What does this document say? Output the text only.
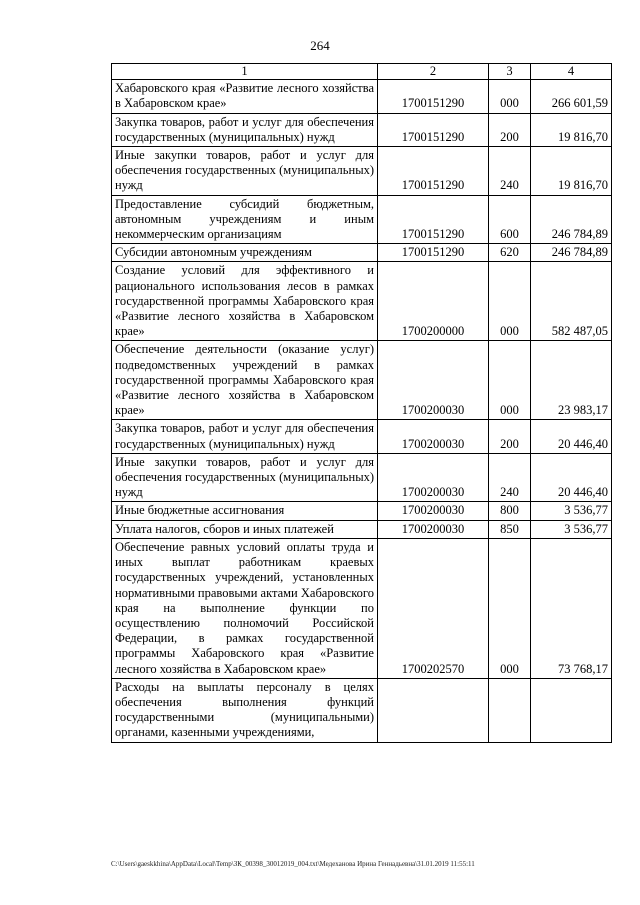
264
1	2	3	4
Хабаровского края «Развитие лесного хозяйства в Хабаровском крае»	1700151290	000	266 601,59
Закупка товаров, работ и услуг для обеспечения государственных (муниципальных) нужд	1700151290	200	19 816,70
Иные закупки товаров, работ и услуг для обеспечения государственных (муниципальных) нужд	1700151290	240	19 816,70
Предоставление субсидий бюджетным, автономным учреждениям и иным некоммерческим организациям	1700151290	600	246 784,89
Субсидии автономным учреждениям	1700151290	620	246 784,89
Создание условий для эффективного и рационального использования лесов в рамках государственной программы Хабаровского края «Развитие лесного хозяйства в Хабаровском крае»	1700200000	000	582 487,05
Обеспечение деятельности (оказание услуг) подведомственных учреждений в рамках государственной программы Хабаровского края «Развитие лесного хозяйства в Хабаровском крае»	1700200030	000	23 983,17
Закупка товаров, работ и услуг для обеспечения государственных (муниципальных) нужд	1700200030	200	20 446,40
Иные закупки товаров, работ и услуг для обеспечения государственных (муниципальных) нужд	1700200030	240	20 446,40
Иные бюджетные ассигнования	1700200030	800	3 536,77
Уплата налогов, сборов и иных платежей	1700200030	850	3 536,77
Обеспечение равных условий оплаты труда и иных выплат работникам краевых государственных учреждений, установленных нормативными правовыми актами Хабаровского края на выполнение функции по осуществлению полномочий Российской Федерации, в рамках государственной программы Хабаровского края «Развитие лесного хозяйства в Хабаровском крае»	1700202570	000	73 768,17
Расходы на выплаты персоналу в целях обеспечения выполнения функций государственными (муниципальными) органами, казенными учреждениями,			
C:\Users\gaeskkhina\AppData\Local\Temp\ЗК_00398_30012019_004.txt\Медеханова Ирина Геннадьевна\31.01.2019 11:55:11
